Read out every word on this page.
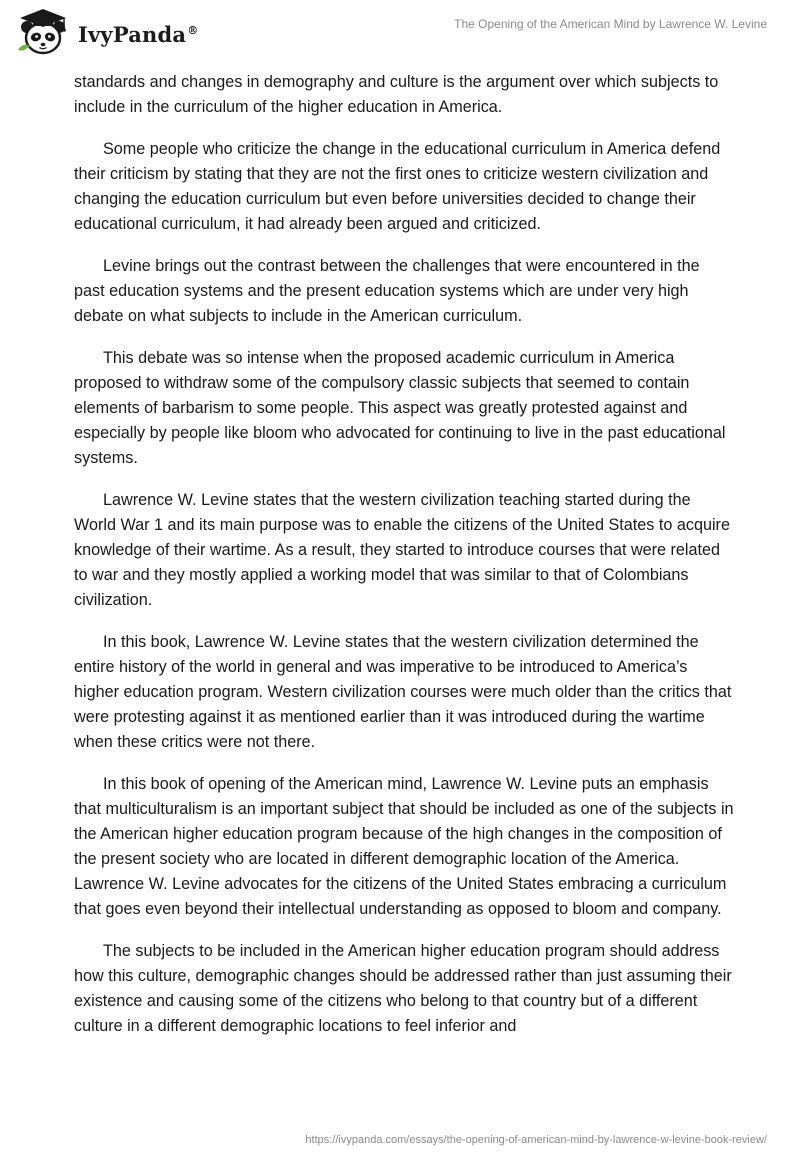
IvyPanda®	The Opening of the American Mind by Lawrence W. Levine

standards and changes in demography and culture is the argument over which subjects to include in the curriculum of the higher education in America.

Some people who criticize the change in the educational curriculum in America defend their criticism by stating that they are not the first ones to criticize western civilization and changing the education curriculum but even before universities decided to change their educational curriculum, it had already been argued and criticized.

Levine brings out the contrast between the challenges that were encountered in the past education systems and the present education systems which are under very high debate on what subjects to include in the American curriculum.

This debate was so intense when the proposed academic curriculum in America proposed to withdraw some of the compulsory classic subjects that seemed to contain elements of barbarism to some people. This aspect was greatly protested against and especially by people like bloom who advocated for continuing to live in the past educational systems.

Lawrence W. Levine states that the western civilization teaching started during the World War 1 and its main purpose was to enable the citizens of the United States to acquire knowledge of their wartime. As a result, they started to introduce courses that were related to war and they mostly applied a working model that was similar to that of Colombians civilization.

In this book, Lawrence W. Levine states that the western civilization determined the entire history of the world in general and was imperative to be introduced to America’s higher education program. Western civilization courses were much older than the critics that were protesting against it as mentioned earlier than it was introduced during the wartime when these critics were not there.

In this book of opening of the American mind, Lawrence W. Levine puts an emphasis that multiculturalism is an important subject that should be included as one of the subjects in the American higher education program because of the high changes in the composition of the present society who are located in different demographic location of the America. Lawrence W. Levine advocates for the citizens of the United States embracing a curriculum that goes even beyond their intellectual understanding as opposed to bloom and company.

The subjects to be included in the American higher education program should address how this culture, demographic changes should be addressed rather than just assuming their existence and causing some of the citizens who belong to that country but of a different culture in a different demographic locations to feel inferior and

https://ivypanda.com/essays/the-opening-of-american-mind-by-lawrence-w-levine-book-review/
